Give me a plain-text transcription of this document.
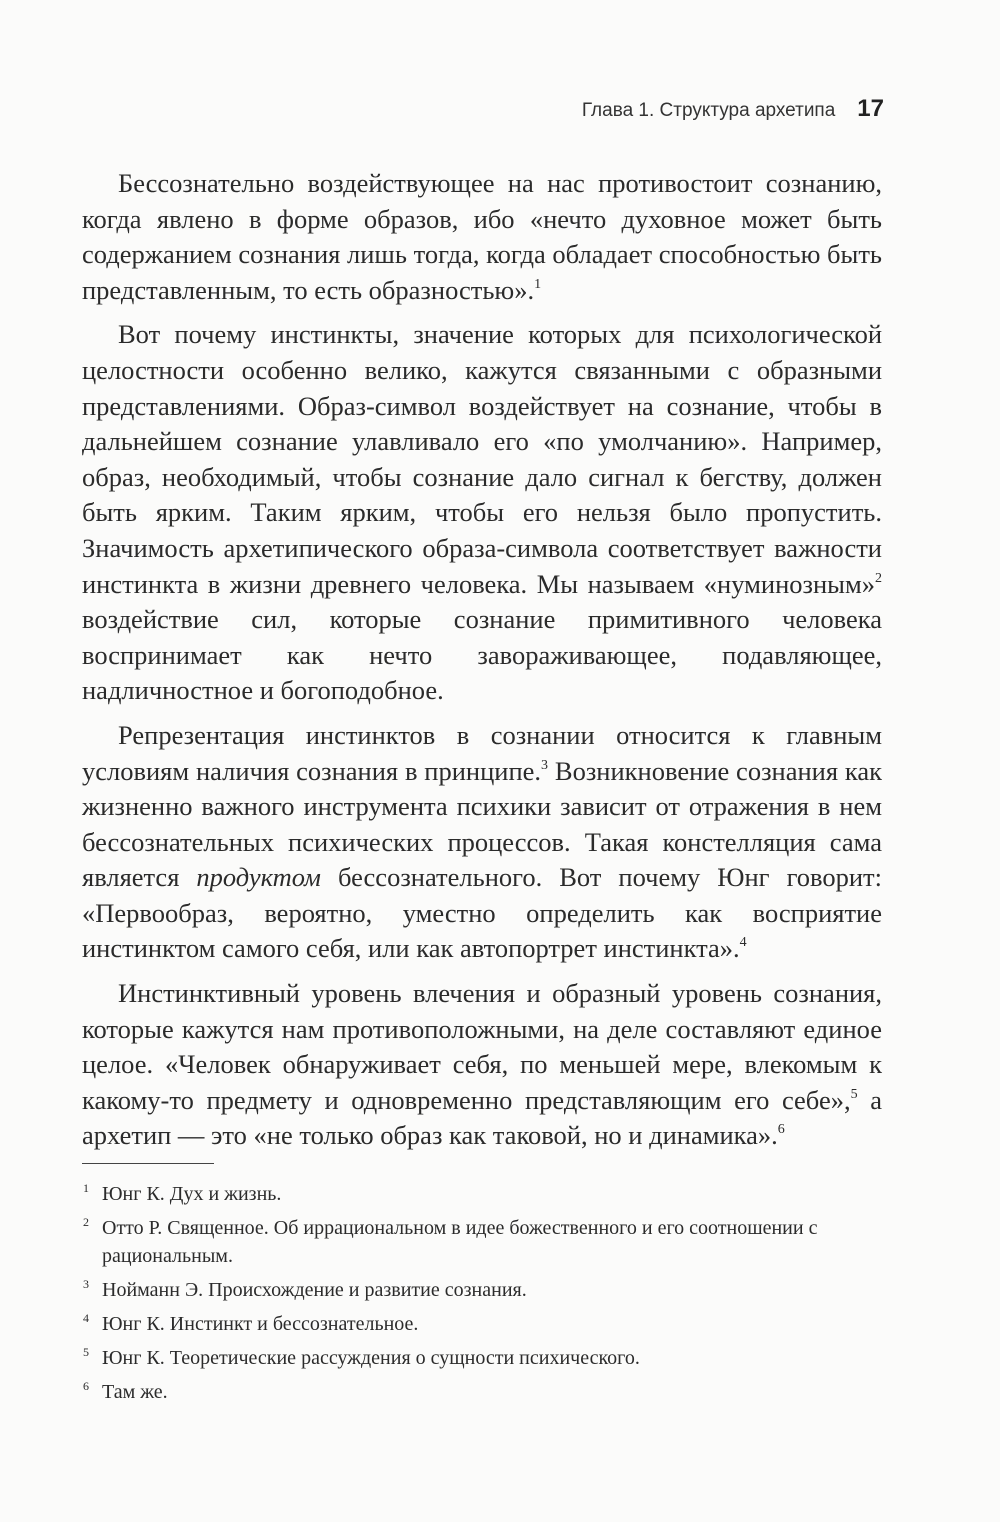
Глава 1. Структура архетипа 17

Бессознательно воздействующее на нас противостоит сознанию, когда явлено в форме образов, ибо «нечто духовное может быть содержанием сознания лишь тогда, когда обладает способностью быть представленным, то есть образностью».$^1$

Вот почему инстинкты, значение которых для психологической целостности особенно велико, кажутся связанными с образными представлениями. Образ-символ воздействует на сознание, чтобы в дальнейшем сознание улавливало его «по умолчанию». Например, образ, необходимый, чтобы сознание дало сигнал к бегству, должен быть ярким. Таким ярким, чтобы его нельзя было пропустить. Значимость архетипического образа-символа соответствует важности инстинкта в жизни древнего человека. Мы называем «нуминозным»$^2$ воздействие сил, которые сознание примитивного человека воспринимает как нечто завораживающее, подавляющее, надличностное и богоподобное.

Репрезентация инстинктов в сознании относится к главным условиям наличия сознания в принципе.$^3$ Возникновение сознания как жизненно важного инструмента психики зависит от отражения в нем бессознательных психических процессов. Такая констелляция сама является продуктом бессознательного. Вот почему Юнг говорит: «Первообраз, вероятно, уместно определить как восприятие инстинктом самого себя, или как автопортрет инстинкта».$^4$

Инстинктивный уровень влечения и образный уровень сознания, которые кажутся нам противоположными, на деле составляют единое целое. «Человек обнаруживает себя, по меньшей мере, влекомым к какому-то предмету и одновременно представляющим его себе»,$^5$ а архетип — это «не только образ как таковой, но и динамика».$^6$

1 Юнг К. Дух и жизнь.
2 Отто Р. Священное. Об иррациональном в идее божественного и его соотношении с рациональным.
3 Нойманн Э. Происхождение и развитие сознания.
4 Юнг К. Инстинкт и бессознательное.
5 Юнг К. Теоретические рассуждения о сущности психического.
6 Там же.
